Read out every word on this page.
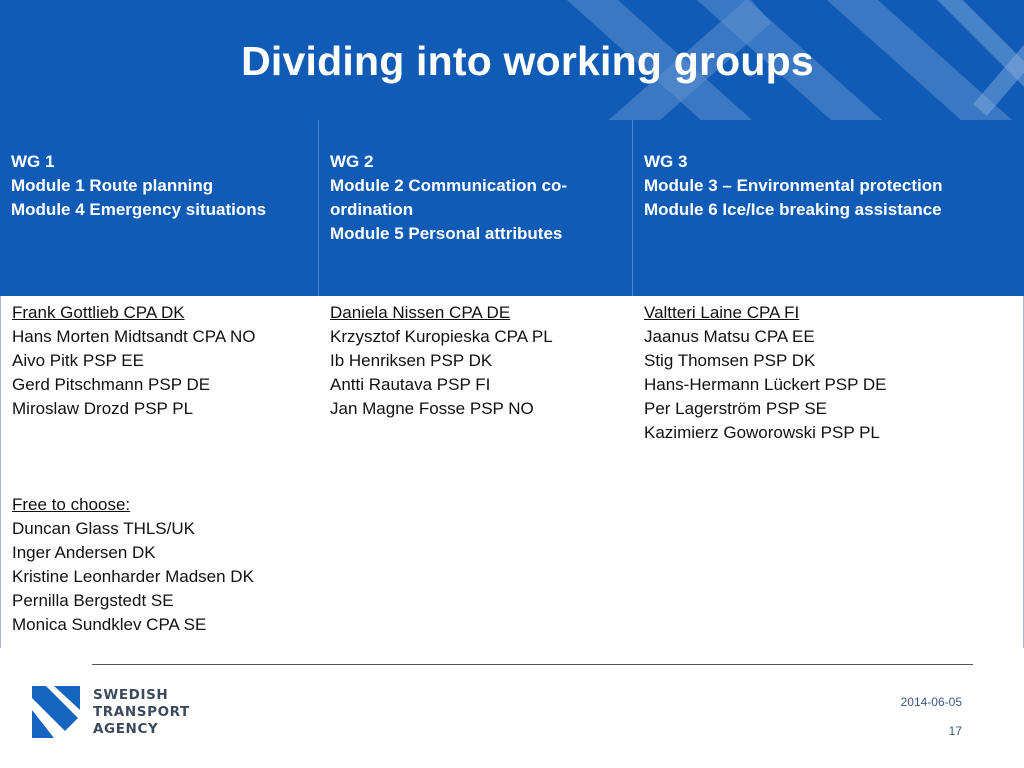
Dividing into working groups
WG 1
Module 1 Route planning
Module 4 Emergency situations
WG 2
Module 2 Communication co-
ordination
Module 5 Personal attributes
WG 3
Module 3 – Environmental protection
Module 6 Ice/Ice breaking assistance
Frank Gottlieb CPA DK
Hans Morten Midtsandt CPA NO
Aivo Pitk PSP EE
Gerd Pitschmann PSP DE
Miroslaw Drozd PSP PL
Daniela Nissen CPA DE
Krzysztof Kuropieska CPA PL
Ib Henriksen PSP DK
Antti Rautava PSP FI
Jan Magne Fosse PSP NO
Valtteri Laine CPA FI
Jaanus Matsu CPA EE
Stig Thomsen PSP DK
Hans-Hermann Lückert PSP DE
Per Lagerström PSP SE
Kazimierz Goworowski PSP PL
Free to choose:
Duncan Glass THLS/UK
Inger Andersen DK
Kristine Leonharder Madsen DK
Pernilla Bergstedt SE
Monica Sundklev CPA SE
SWEDISH
TRANSPORT
AGENCY
2014-06-05
17
